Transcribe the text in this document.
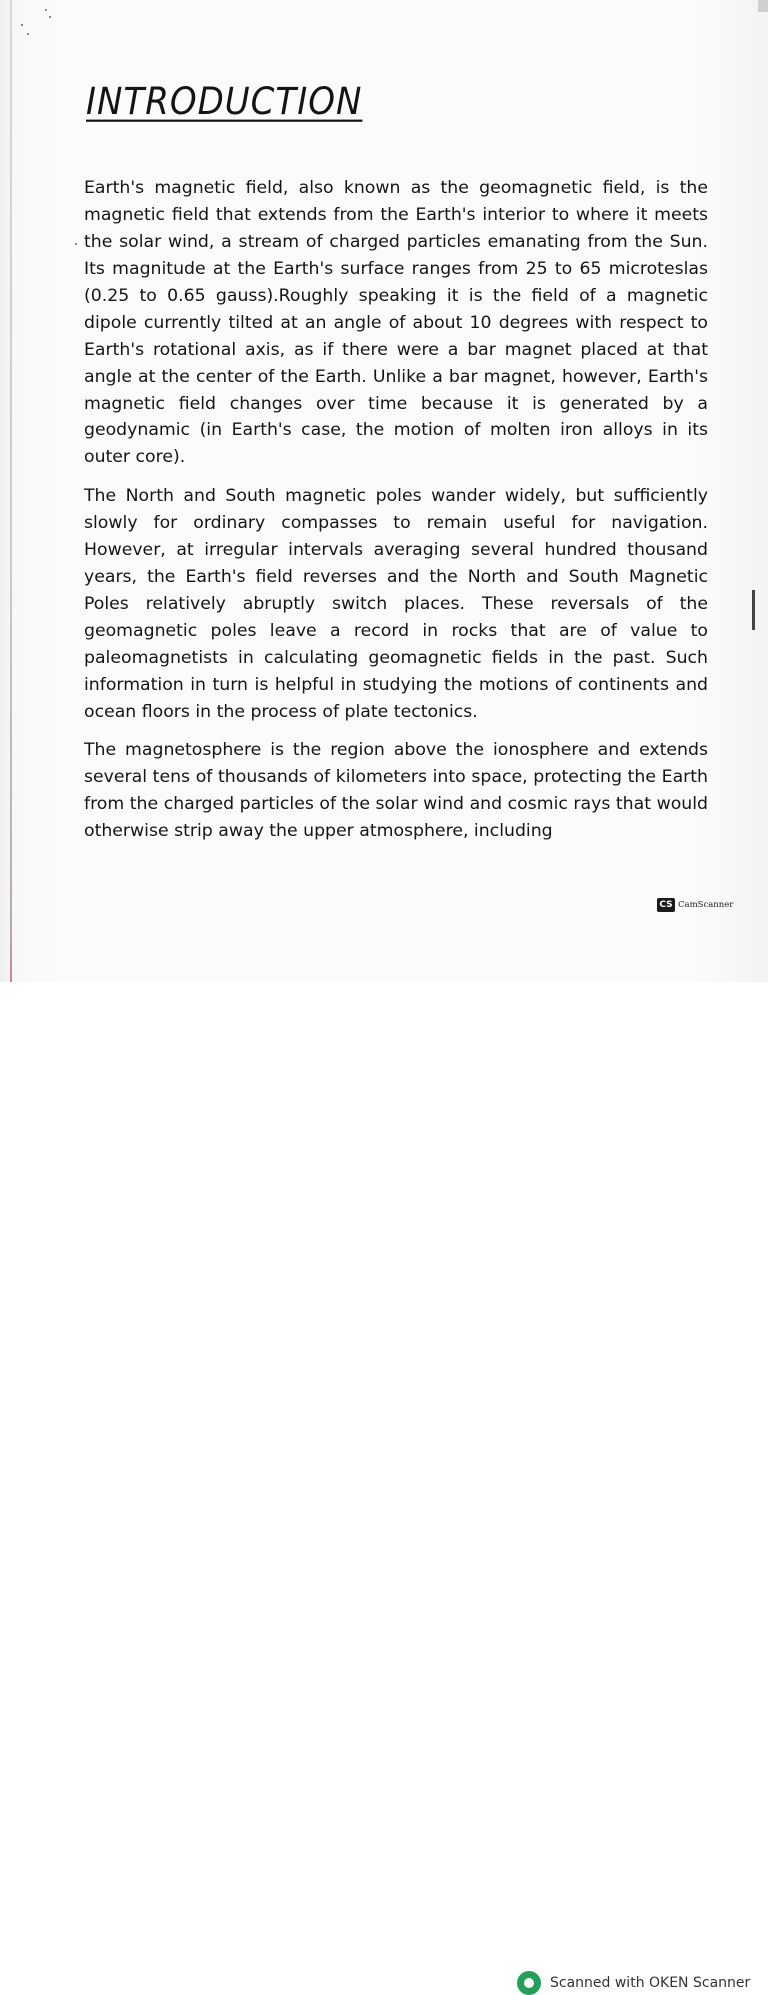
INTRODUCTION

Earth's magnetic field, also known as the geomagnetic field, is the magnetic field that extends from the Earth's interior to where it meets the solar wind, a stream of charged particles emanating from the Sun. Its magnitude at the Earth's surface ranges from 25 to 65 microteslas (0.25 to 0.65 gauss).Roughly speaking it is the field of a magnetic dipole currently tilted at an angle of about 10 degrees with respect to Earth's rotational axis, as if there were a bar magnet placed at that angle at the center of the Earth. Unlike a bar magnet, however, Earth's magnetic field changes over time because it is generated by a geodynamic (in Earth's case, the motion of molten iron alloys in its outer core).

The North and South magnetic poles wander widely, but sufficiently slowly for ordinary compasses to remain useful for navigation. However, at irregular intervals averaging several hundred thousand years, the Earth's field reverses and the North and South Magnetic Poles relatively abruptly switch places. These reversals of the geomagnetic poles leave a record in rocks that are of value to paleomagnetists in calculating geomagnetic fields in the past. Such information in turn is helpful in studying the motions of continents and ocean floors in the process of plate tectonics.

The magnetosphere is the region above the ionosphere and extends several tens of thousands of kilometers into space, protecting the Earth from the charged particles of the solar wind and cosmic rays that would otherwise strip away the upper atmosphere, including

CS CamScanner
Scanned with OKEN Scanner
